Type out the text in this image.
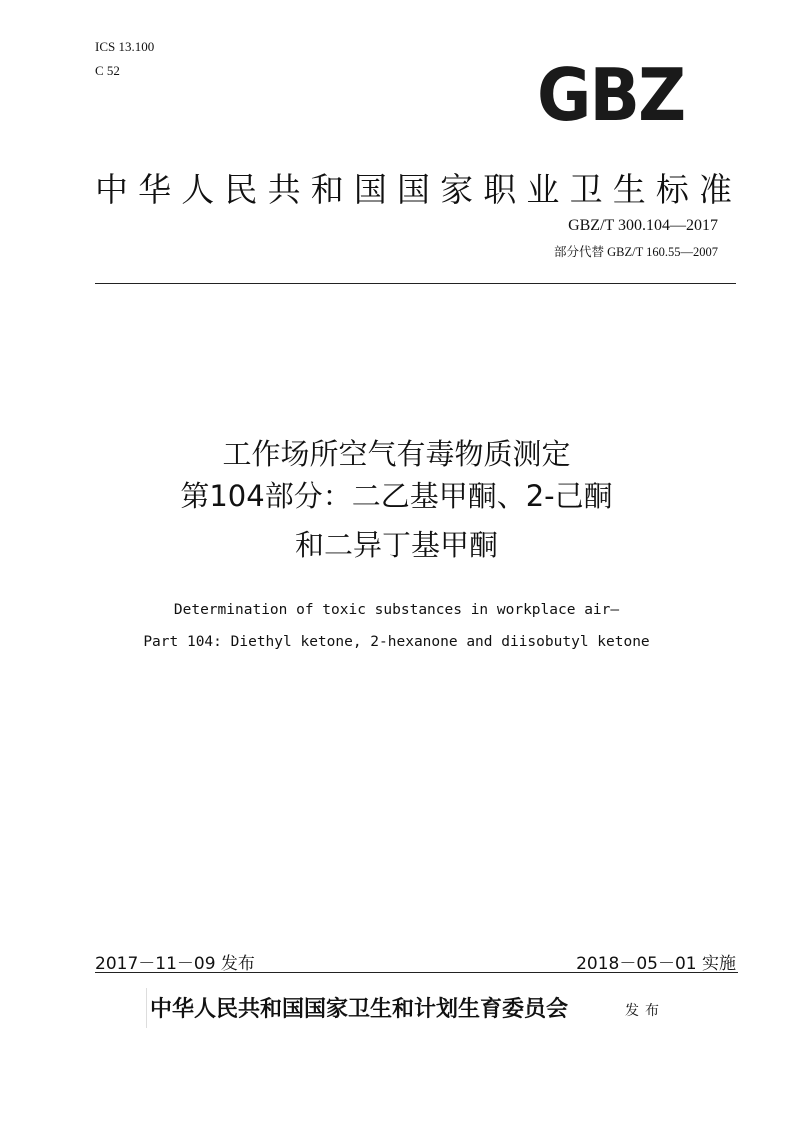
ICS 13.100
C 52	GBZ
中华人民共和国国家职业卫生标准
GBZ/T 300.104—2017
部分代替 GBZ/T 160.55—2007
工作场所空气有毒物质测定
第104部分：二乙基甲酮、2-己酮
和二异丁基甲酮
Determination of toxic substances in workplace air—
Part 104: Diethyl ketone, 2-hexanone and diisobutyl ketone
2017－11－09 发布	2018－05－01 实施
中华人民共和国国家卫生和计划生育委员会	发布
